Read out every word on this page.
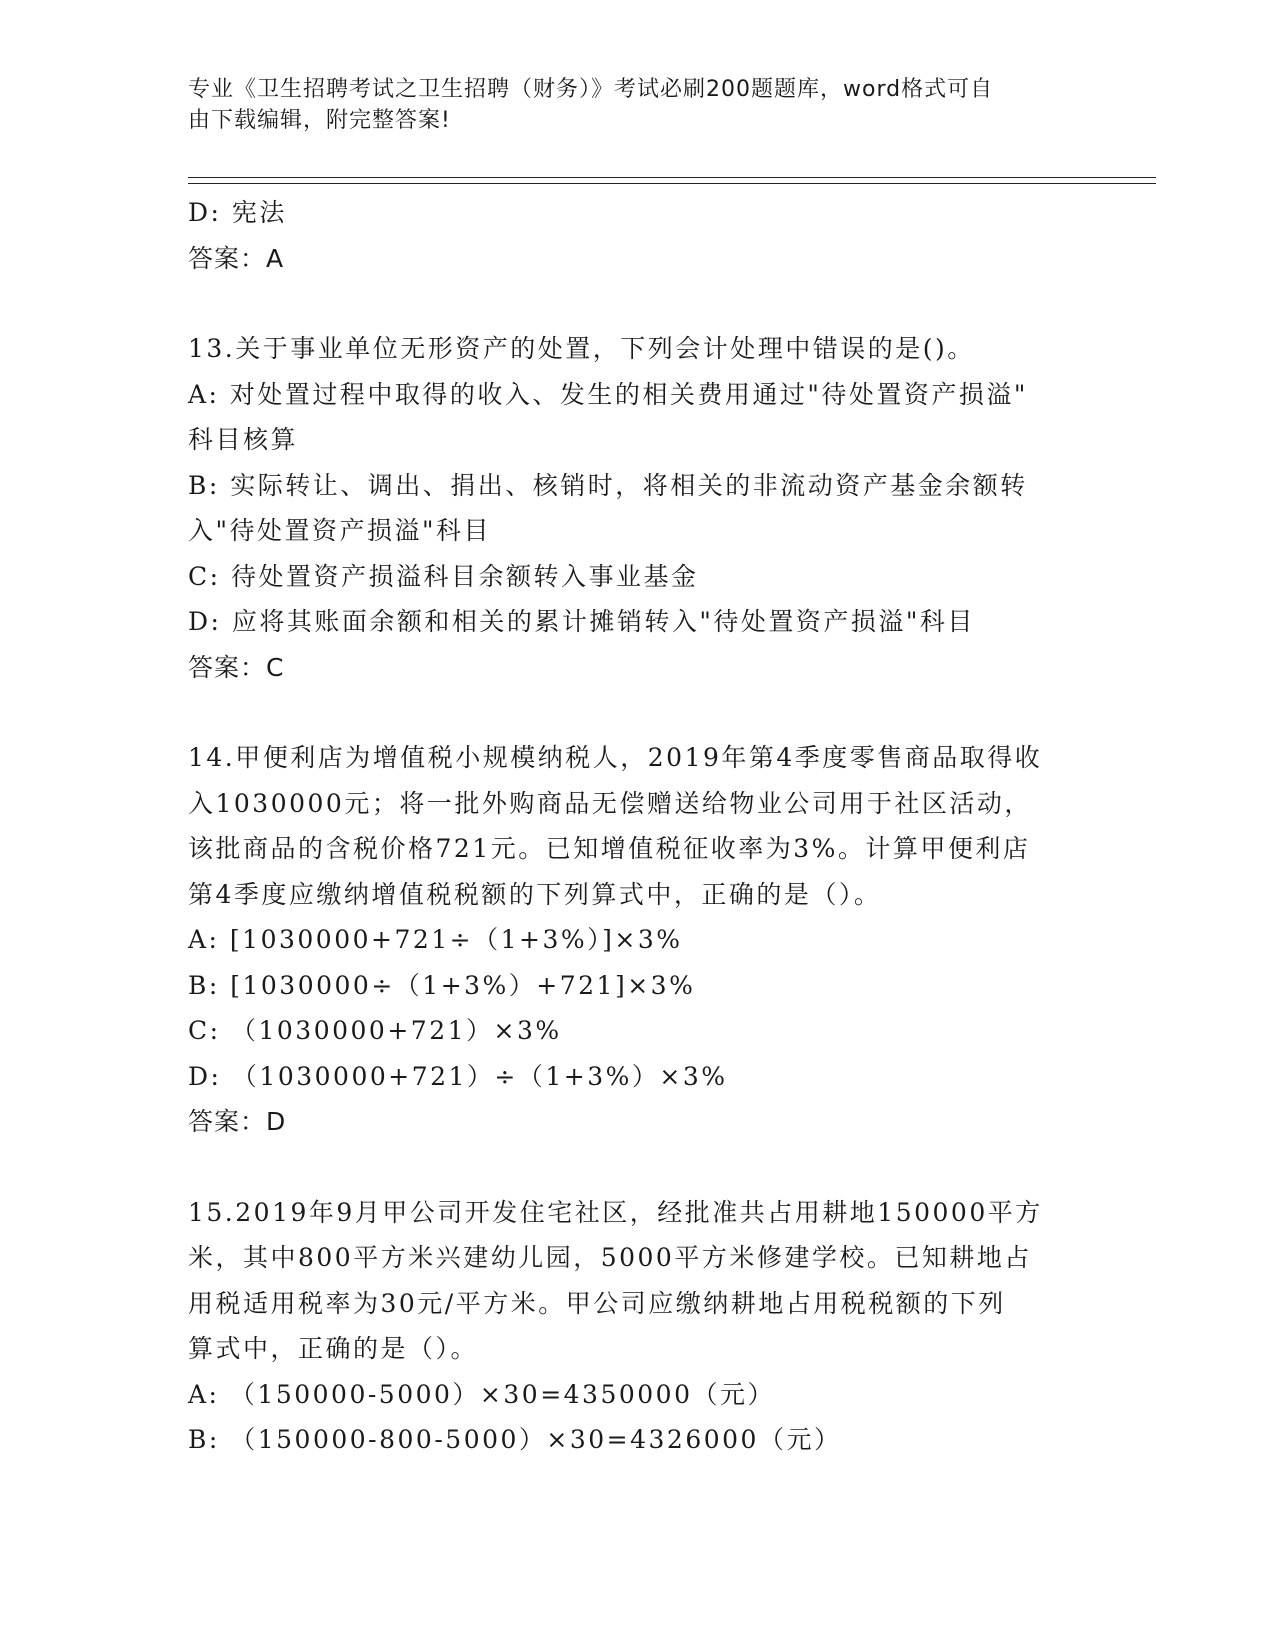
专业《卫生招聘考试之卫生招聘（财务）》考试必刷200题题库，word格式可自
由下载编辑，附完整答案!
D: 宪法
答案：A
13.关于事业单位无形资产的处置，下列会计处理中错误的是()。
A: 对处置过程中取得的收入、发生的相关费用通过"待处置资产损溢"
科目核算
B: 实际转让、调出、捐出、核销时，将相关的非流动资产基金余额转
入"待处置资产损溢"科目
C: 待处置资产损溢科目余额转入事业基金
D: 应将其账面余额和相关的累计摊销转入"待处置资产损溢"科目
答案：C
14.甲便利店为增值税小规模纳税人，2019年第4季度零售商品取得收
入1030000元；将一批外购商品无偿赠送给物业公司用于社区活动，
该批商品的含税价格721元。已知增值税征收率为3%。计算甲便利店
第4季度应缴纳增值税税额的下列算式中，正确的是（）。
A: [1030000+721÷（1+3%）]×3%
B: [1030000÷（1+3%）+721]×3%
C: （1030000+721）×3%
D: （1030000+721）÷（1+3%）×3%
答案：D
15.2019年9月甲公司开发住宅社区，经批准共占用耕地150000平方
米，其中800平方米兴建幼儿园，5000平方米修建学校。已知耕地占
用税适用税率为30元/平方米。甲公司应缴纳耕地占用税税额的下列
算式中，正确的是（）。
A: （150000-5000）×30=4350000（元）
B: （150000-800-5000）×30=4326000（元）
